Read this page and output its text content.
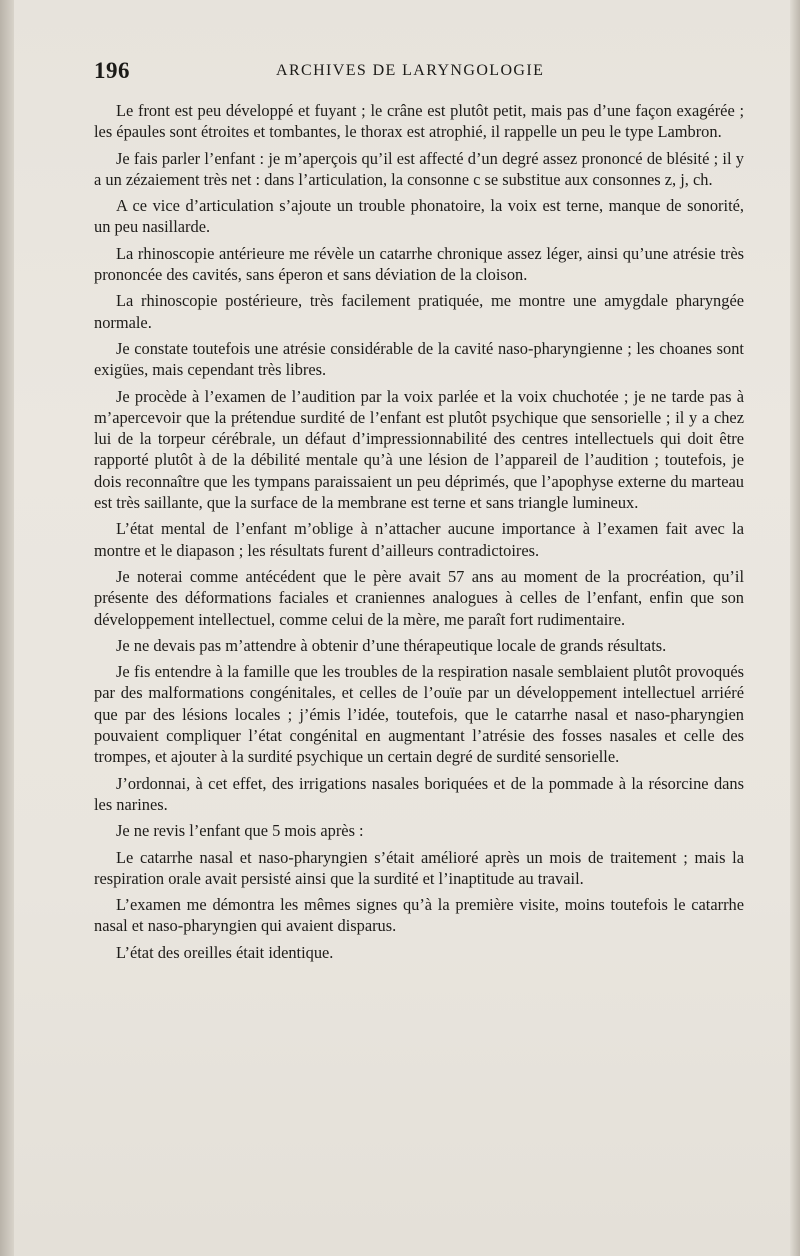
196	ARCHIVES DE LARYNGOLOGIE

Le front est peu développé et fuyant ; le crâne est plutôt petit, mais pas d’une façon exagérée ; les épaules sont étroites et tombantes, le thorax est atrophié, il rappelle un peu le type Lambron.

Je fais parler l’enfant : je m’aperçois qu’il est affecté d’un degré assez prononcé de blésité ; il y a un zézaiement très net : dans l’articulation, la consonne c se substitue aux consonnes z, j, ch.

A ce vice d’articulation s’ajoute un trouble phonatoire, la voix est terne, manque de sonorité, un peu nasillarde.

La rhinoscopie antérieure me révèle un catarrhe chronique assez léger, ainsi qu’une atrésie très prononcée des cavités, sans éperon et sans déviation de la cloison.

La rhinoscopie postérieure, très facilement pratiquée, me montre une amygdale pharyngée normale.

Je constate toutefois une atrésie considérable de la cavité naso-pharyngienne ; les choanes sont exigües, mais cependant très libres.

Je procède à l’examen de l’audition par la voix parlée et la voix chuchotée ; je ne tarde pas à m’apercevoir que la prétendue surdité de l’enfant est plutôt psychique que sensorielle ; il y a chez lui de la torpeur cérébrale, un défaut d’impressionnabilité des centres intellectuels qui doit être rapporté plutôt à de la débilité mentale qu’à une lésion de l’appareil de l’audition ; toutefois, je dois reconnaître que les tympans paraissaient un peu déprimés, que l’apophyse externe du marteau est très saillante, que la surface de la membrane est terne et sans triangle lumineux.

L’état mental de l’enfant m’oblige à n’attacher aucune importance à l’examen fait avec la montre et le diapason ; les résultats furent d’ailleurs contradictoires.

Je noterai comme antécédent que le père avait 57 ans au moment de la procréation, qu’il présente des déformations faciales et craniennes analogues à celles de l’enfant, enfin que son développement intellectuel, comme celui de la mère, me paraît fort rudimentaire.

Je ne devais pas m’attendre à obtenir d’une thérapeutique locale de grands résultats.

Je fis entendre à la famille que les troubles de la respiration nasale semblaient plutôt provoqués par des malformations congénitales, et celles de l’ouïe par un développement intellectuel arriéré que par des lésions locales ; j’émis l’idée, toutefois, que le catarrhe nasal et naso-pharyngien pouvaient compliquer l’état congénital en augmentant l’atrésie des fosses nasales et celle des trompes, et ajouter à la surdité psychique un certain degré de surdité sensorielle.

J’ordonnai, à cet effet, des irrigations nasales boriquées et de la pommade à la résorcine dans les narines.

Je ne revis l’enfant que 5 mois après :

Le catarrhe nasal et naso-pharyngien s’était amélioré après un mois de traitement ; mais la respiration orale avait persisté ainsi que la surdité et l’inaptitude au travail.

L’examen me démontra les mêmes signes qu’à la première visite, moins toutefois le catarrhe nasal et naso-pharyngien qui avaient disparus.

L’état des oreilles était identique.
